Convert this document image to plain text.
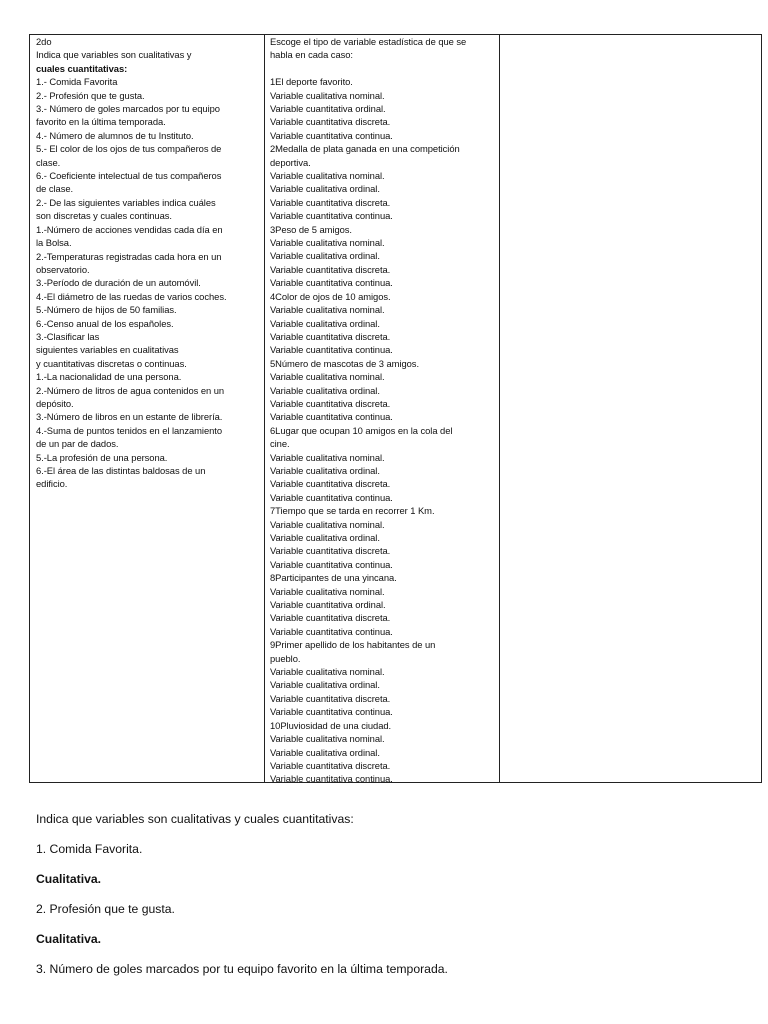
2do
Indica que variables son cualitativas y
cuales cuantitativas:
1.- Comida Favorita
2.- Profesión que te gusta.
3.- Número de goles marcados por tu equipo
favorito en la última temporada.
4.- Número de alumnos de tu Instituto.
5.- El color de los ojos de tus compañeros de
clase.
6.- Coeficiente intelectual de tus compañeros
de clase.
2.- De las siguientes variables indica cuáles
son discretas y cuales continuas.
1.-Número de acciones vendidas cada día en
la Bolsa.
2.-Temperaturas registradas cada hora en un
observatorio.
3.-Período de duración de un automóvil.
4.-El diámetro de las ruedas de varios coches.
5.-Número de hijos de 50 familias.
6.-Censo anual de los españoles.
3.-Clasificar las
siguientes variables en cualitativas
y cuantitativas discretas o continuas.
1.-La nacionalidad de una persona.
2.-Número de litros de agua contenidos en un
depósito.
3.-Número de libros en un estante de librería.
4.-Suma de puntos tenidos en el lanzamiento
de un par de dados.
5.-La profesión de una persona.
6.-El área de las distintas baldosas de un
edificio.
Escoge el tipo de variable estadística de que se
habla en cada caso:
1El deporte favorito.
Variable cualitativa nominal.
Variable cuantitativa ordinal.
Variable cuantitativa discreta.
Variable cuantitativa continua.
2Medalla de plata ganada en una competición
deportiva.
Variable cualitativa nominal.
Variable cualitativa ordinal.
Variable cuantitativa discreta.
Variable cuantitativa continua.
3Peso de 5 amigos.
Variable cualitativa nominal.
Variable cualitativa ordinal.
Variable cuantitativa discreta.
Variable cuantitativa continua.
4Color de ojos de 10 amigos.
Variable cualitativa nominal.
Variable cualitativa ordinal.
Variable cuantitativa discreta.
Variable cuantitativa continua.
5Número de mascotas de 3 amigos.
Variable cualitativa nominal.
Variable cualitativa ordinal.
Variable cuantitativa discreta.
Variable cuantitativa continua.
6Lugar que ocupan 10 amigos en la cola del
cine.
Variable cualitativa nominal.
Variable cualitativa ordinal.
Variable cuantitativa discreta.
Variable cuantitativa continua.
7Tiempo que se tarda en recorrer 1 Km.
Variable cualitativa nominal.
Variable cualitativa ordinal.
Variable cuantitativa discreta.
Variable cuantitativa continua.
8Participantes de una yincana.
Variable cualitativa nominal.
Variable cuantitativa ordinal.
Variable cuantitativa discreta.
Variable cuantitativa continua.
9Primer apellido de los habitantes de un
pueblo.
Variable cualitativa nominal.
Variable cualitativa ordinal.
Variable cuantitativa discreta.
Variable cuantitativa continua.
10Pluviosidad de una ciudad.
Variable cualitativa nominal.
Variable cualitativa ordinal.
Variable cuantitativa discreta.
Variable cuantitativa continua.
Indica que variables son cualitativas y cuales cuantitativas:
1. Comida Favorita.
Cualitativa.
2. Profesión que te gusta.
Cualitativa.
3. Número de goles marcados por tu equipo favorito en la última temporada.
